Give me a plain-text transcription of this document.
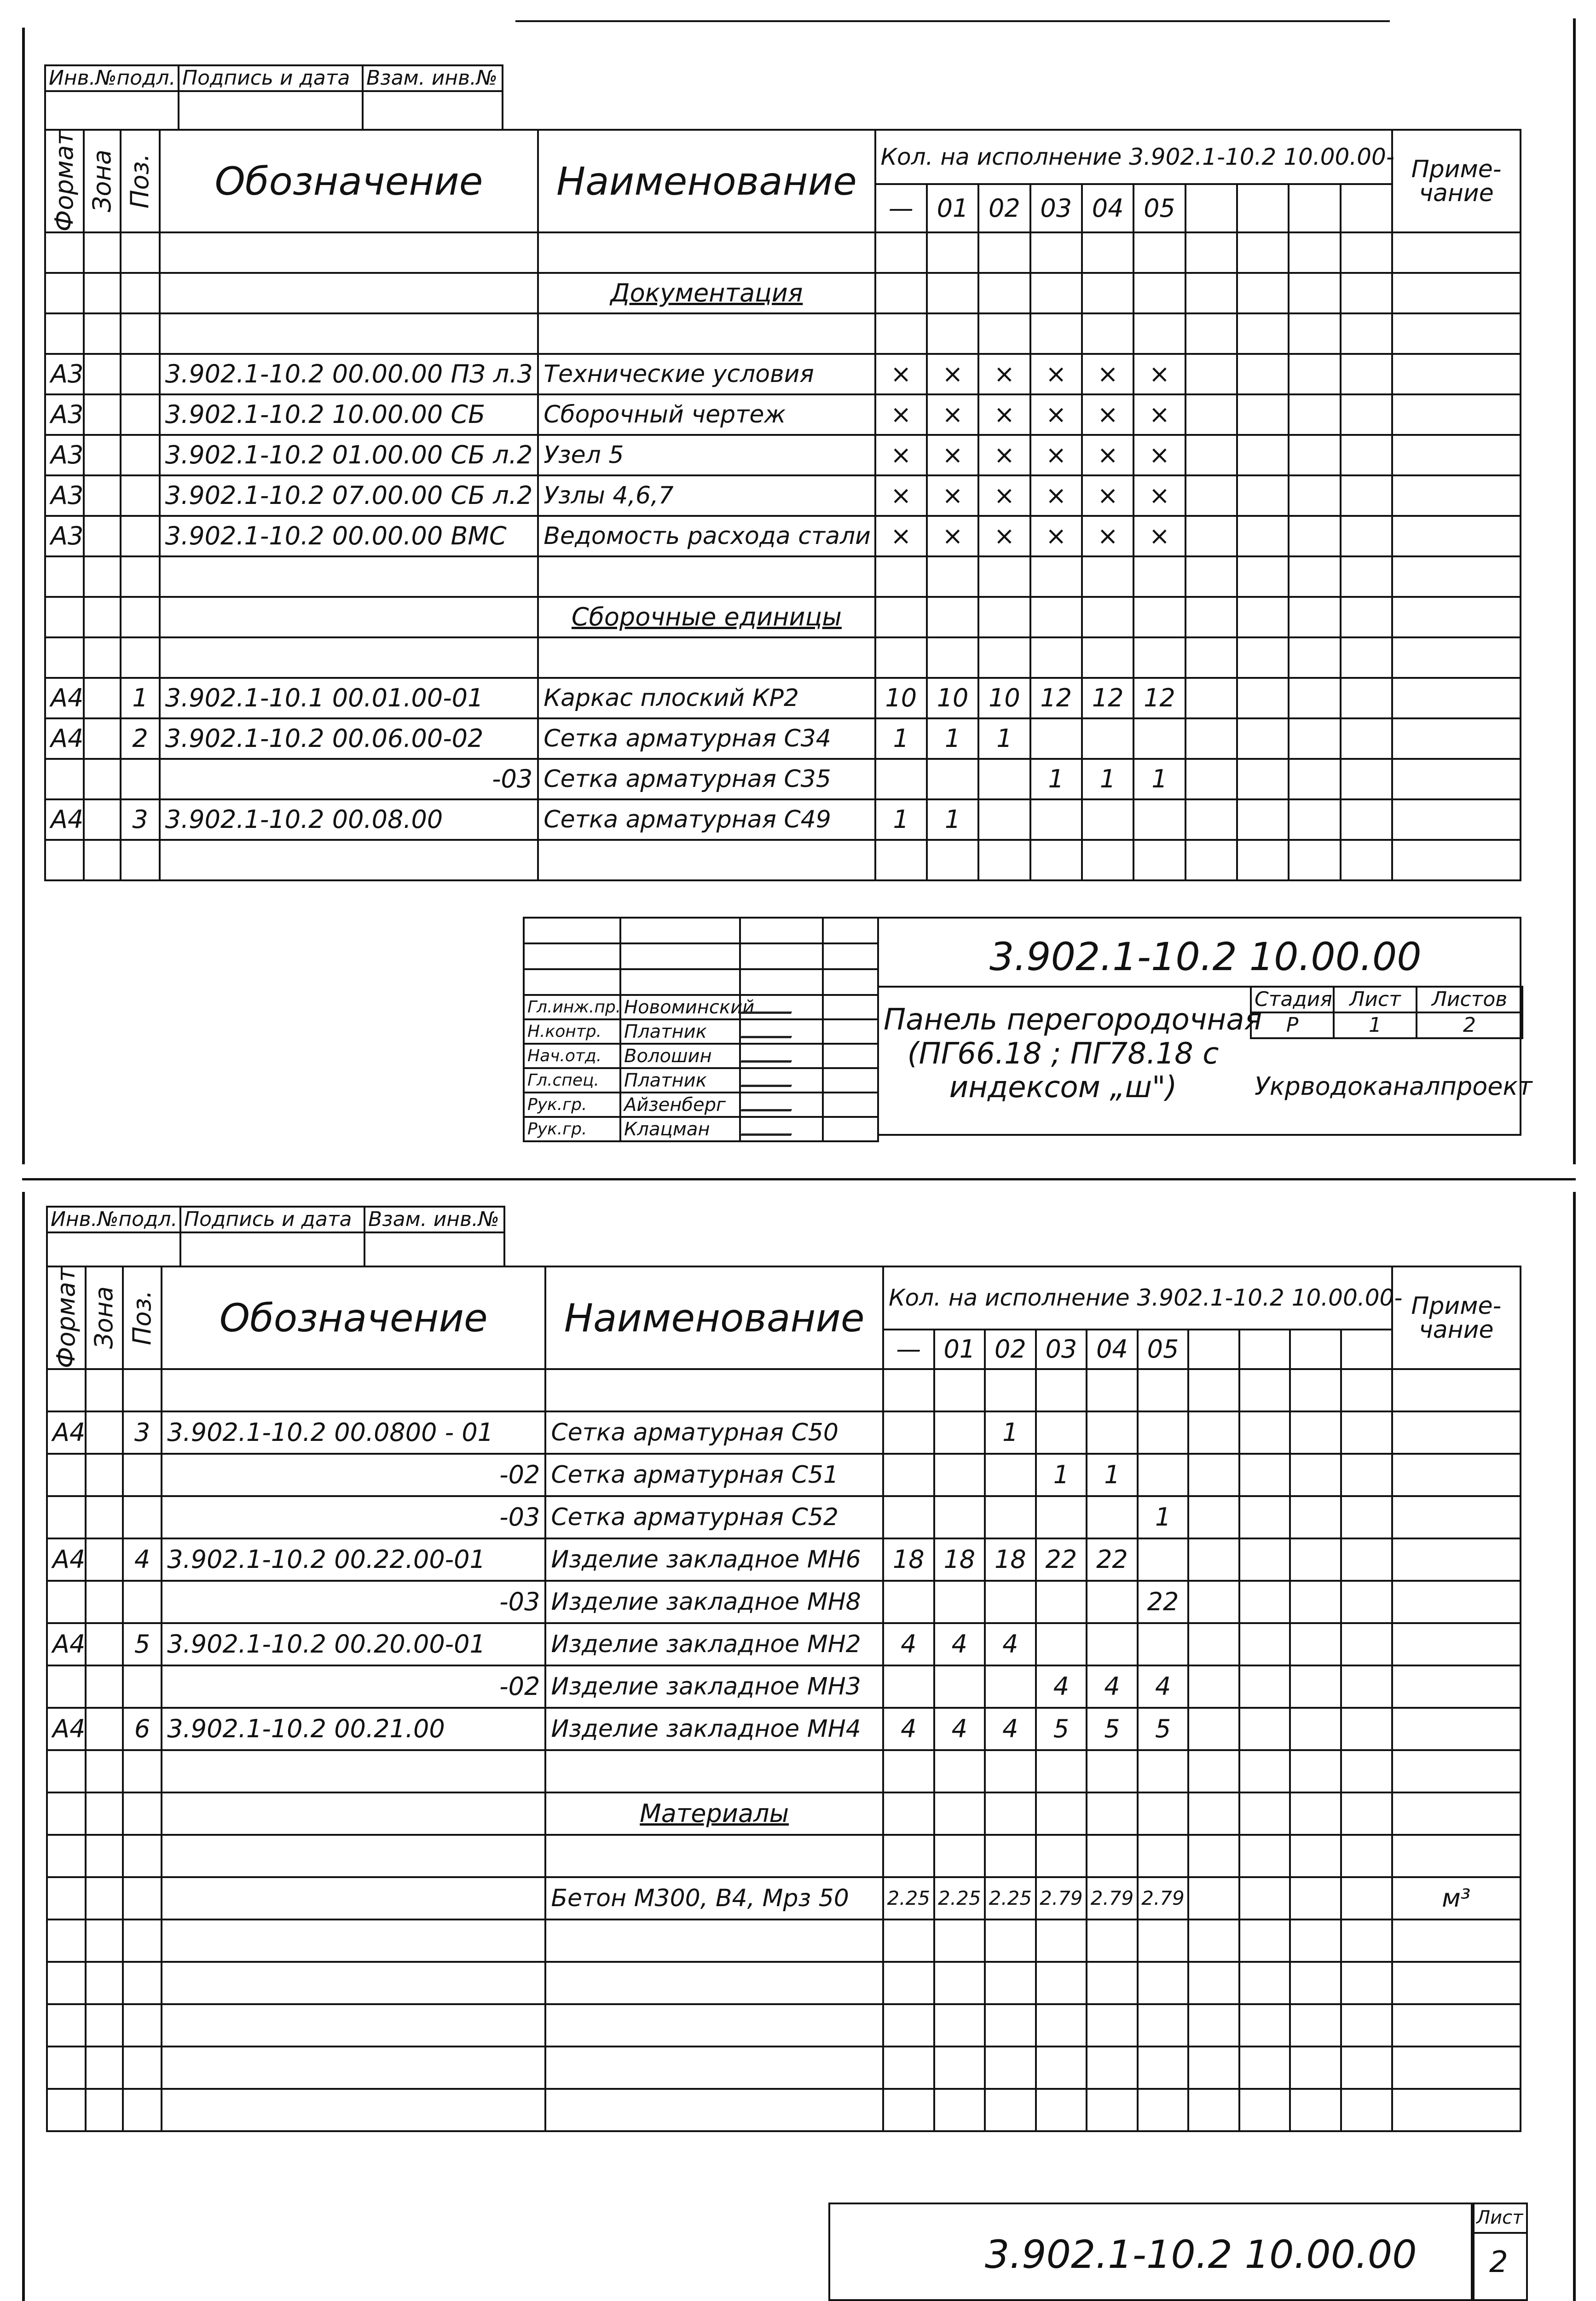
Инв.№подл.	Подпись и дата	Взам. инв.№

Формат	Зона	Поз.	Обозначение	Наименование	Кол. на исполнение 3.902.1-10.2 10.00.00-										Приме-чание
					—	01	02	03	04	05					

				Документация											

А3			3.902.1-10.2 00.00.00 ПЗ л.3	Технические условия	×	×	×	×	×	×					
А3			3.902.1-10.2 10.00.00 СБ	Сборочный чертеж	×	×	×	×	×	×					
А3			3.902.1-10.2 01.00.00 СБ л.2	Узел 5	×	×	×	×	×	×					
А3			3.902.1-10.2 07.00.00 СБ л.2	Узлы 4,6,7	×	×	×	×	×	×					
А3			3.902.1-10.2 00.00.00 ВМС	Ведомость расхода стали	×	×	×	×	×	×					

				Сборочные единицы											

А4		1	3.902.1-10.1 00.01.00-01	Каркас плоский КР2	10	10	10	12	12	12					
А4		2	3.902.1-10.2 00.06.00-02	Сетка арматурная С34	1	1	1								
			-03	Сетка арматурная С35				1	1	1					
А4		3	3.902.1-10.2 00.08.00	Сетка арматурная С49	1	1									

Гл.инж.пр.	Новоминский		
Н.контр.	Платник		
Нач.отд.	Волошин		
Гл.спец.	Платник		
Рук.гр.	Айзенберг		
Рук.гр.	Клацман		
3.902.1-10.2 10.00.00
Панель перегородочная
(ПГ66.18 ; ПГ78.18 с
индексом „ш")
Стадия	Лист	Листов
Р	1	2
Укрводоканалпроект
Инв.№подл.	Подпись и дата	Взам. инв.№

Формат	Зона	Поз.	Обозначение	Наименование	Кол. на исполнение 3.902.1-10.2 10.00.00-										Приме-чание
					—	01	02	03	04	05					

А4		3	3.902.1-10.2 00.0800 - 01	Сетка арматурная С50			1								
			-02	Сетка арматурная С51				1	1						
			-03	Сетка арматурная С52						1					
А4		4	3.902.1-10.2 00.22.00-01	Изделие закладное МН6	18	18	18	22	22						
			-03	Изделие закладное МН8						22					
А4		5	3.902.1-10.2 00.20.00-01	Изделие закладное МН2	4	4	4								
			-02	Изделие закладное МН3				4	4	4					
А4		6	3.902.1-10.2 00.21.00	Изделие закладное МН4	4	4	4	5	5	5					

				Материалы											

				Бетон М300, В4, Мрз 50	2.25	2.25	2.25	2.79	2.79	2.79					м³

3.902.1-10.2 10.00.00
Лист
2
